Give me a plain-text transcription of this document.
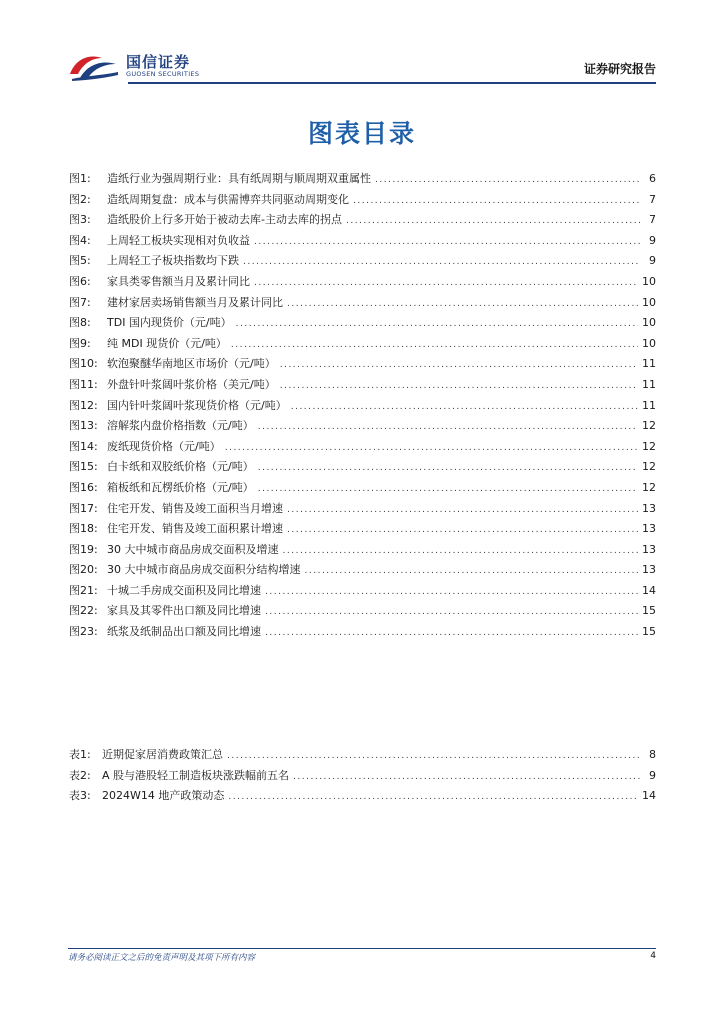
国信证券
GUOSEN SECURITIES	证券研究报告
图表目录
图1:	造纸行业为强周期行业：具有纸周期与顺周期双重属性 .....	6
图2:	造纸周期复盘：成本与供需博弈共同驱动周期变化 .....	7
图3:	造纸股价上行多开始于被动去库-主动去库的拐点 .....	7
图4:	上周轻工板块实现相对负收益 .....	9
图5:	上周轻工子板块指数均下跌 .....	9
图6:	家具类零售额当月及累计同比 .....	10
图7:	建材家居卖场销售额当月及累计同比 .....	10
图8:	TDI 国内现货价（元/吨） .....	10
图9:	纯 MDI 现货价（元/吨） .....	10
图10: 软泡聚醚华南地区市场价（元/吨） .....	11
图11: 外盘针叶浆阔叶浆价格（美元/吨） .....	11
图12: 国内针叶浆阔叶浆现货价格（元/吨） .....	11
图13: 溶解浆内盘价格指数（元/吨） .....	12
图14: 废纸现货价格（元/吨） .....	12
图15: 白卡纸和双胶纸价格（元/吨） .....	12
图16: 箱板纸和瓦楞纸价格（元/吨） .....	12
图17: 住宅开发、销售及竣工面积当月增速 .....	13
图18: 住宅开发、销售及竣工面积累计增速 .....	13
图19: 30 大中城市商品房成交面积及增速 .....	13
图20: 30 大中城市商品房成交面积分结构增速 .....	13
图21: 十城二手房成交面积及同比增速 .....	14
图22: 家具及其零件出口额及同比增速 .....	15
图23: 纸浆及纸制品出口额及同比增速 .....	15
表1:	近期促家居消费政策汇总 .....	8
表2:	A 股与港股轻工制造板块涨跌幅前五名 .....	9
表3:	2024W14 地产政策动态 .....	14
请务必阅读正文之后的免责声明及其项下所有内容	4
